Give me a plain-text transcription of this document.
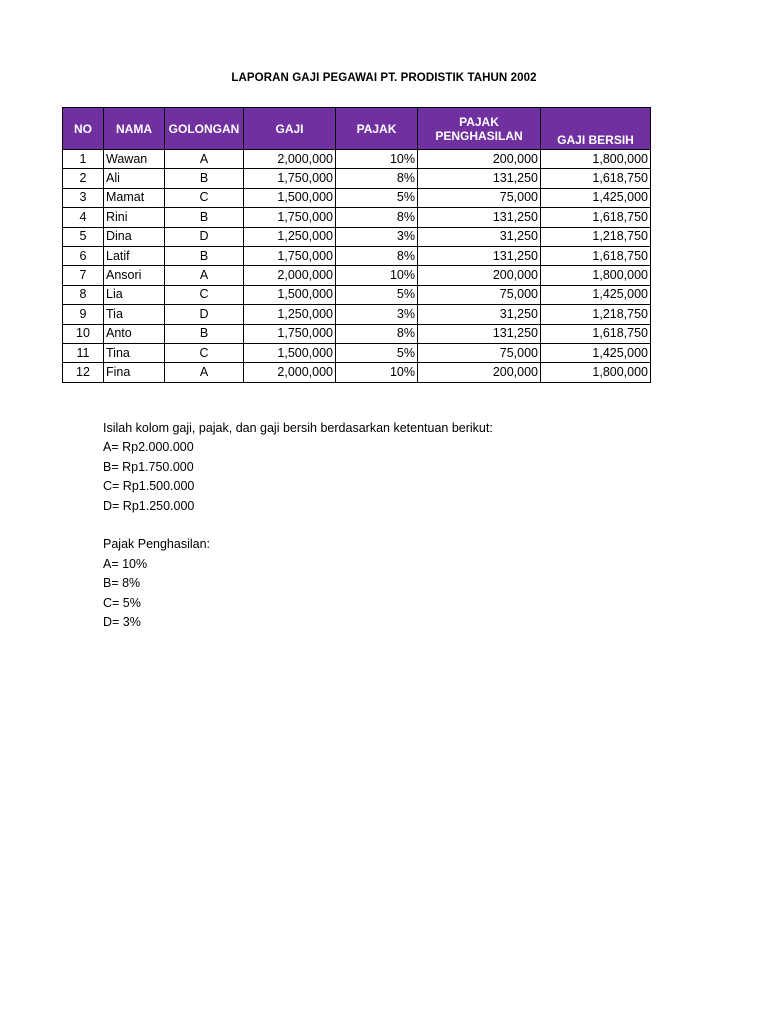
LAPORAN GAJI PEGAWAI PT. PRODISTIK TAHUN 2002
NO	NAMA	GOLONGAN	GAJI	PAJAK	PAJAK PENGHASILAN	GAJI BERSIH
1	Wawan	A	2,000,000	10%	200,000	1,800,000
2	Ali	B	1,750,000	8%	131,250	1,618,750
3	Mamat	C	1,500,000	5%	75,000	1,425,000
4	Rini	B	1,750,000	8%	131,250	1,618,750
5	Dina	D	1,250,000	3%	31,250	1,218,750
6	Latif	B	1,750,000	8%	131,250	1,618,750
7	Ansori	A	2,000,000	10%	200,000	1,800,000
8	Lia	C	1,500,000	5%	75,000	1,425,000
9	Tia	D	1,250,000	3%	31,250	1,218,750
10	Anto	B	1,750,000	8%	131,250	1,618,750
11	Tina	C	1,500,000	5%	75,000	1,425,000
12	Fina	A	2,000,000	10%	200,000	1,800,000
Isilah kolom gaji, pajak, dan gaji bersih berdasarkan ketentuan berikut:
A= Rp2.000.000
B= Rp1.750.000
C= Rp1.500.000
D= Rp1.250.000
Pajak Penghasilan:
A= 10%
B= 8%
C= 5%
D= 3%
